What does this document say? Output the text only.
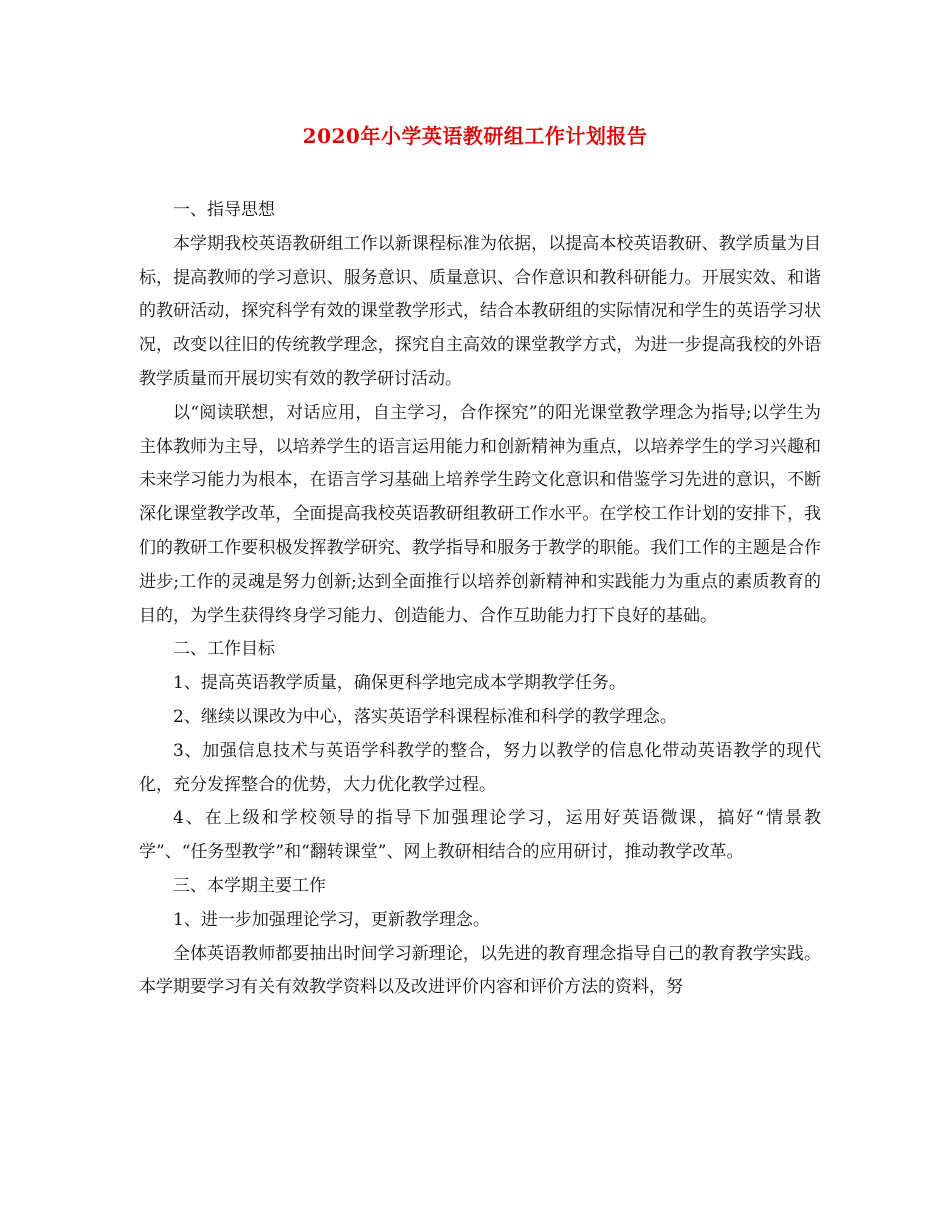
2020年小学英语教研组工作计划报告

一、指导思想

本学期我校英语教研组工作以新课程标准为依据，以提高本校英语教研、教学质量为目标，提高教师的学习意识、服务意识、质量意识、合作意识和教科研能力。开展实效、和谐的教研活动，探究科学有效的课堂教学形式，结合本教研组的实际情况和学生的英语学习状况，改变以往旧的传统教学理念，探究自主高效的课堂教学方式，为进一步提高我校的外语教学质量而开展切实有效的教学研讨活动。

以“阅读联想，对话应用，自主学习，合作探究”的阳光课堂教学理念为指导;以学生为主体教师为主导，以培养学生的语言运用能力和创新精神为重点，以培养学生的学习兴趣和未来学习能力为根本，在语言学习基础上培养学生跨文化意识和借鉴学习先进的意识，不断深化课堂教学改革，全面提高我校英语教研组教研工作水平。在学校工作计划的安排下，我们的教研工作要积极发挥教学研究、教学指导和服务于教学的职能。我们工作的主题是合作进步;工作的灵魂是努力创新;达到全面推行以培养创新精神和实践能力为重点的素质教育的目的，为学生获得终身学习能力、创造能力、合作互助能力打下良好的基础。

二、工作目标

1、提高英语教学质量，确保更科学地完成本学期教学任务。

2、继续以课改为中心，落实英语学科课程标准和科学的教学理念。

3、加强信息技术与英语学科教学的整合，努力以教学的信息化带动英语教学的现代化，充分发挥整合的优势，大力优化教学过程。

4、在上级和学校领导的指导下加强理论学习，运用好英语微课，搞好“情景教学”、“任务型教学”和“翻转课堂”、网上教研相结合的应用研讨，推动教学改革。

三、本学期主要工作

1、进一步加强理论学习，更新教学理念。

全体英语教师都要抽出时间学习新理论，以先进的教育理念指导自己的教育教学实践。本学期要学习有关有效教学资料以及改进评价内容和评价方法的资料，努
